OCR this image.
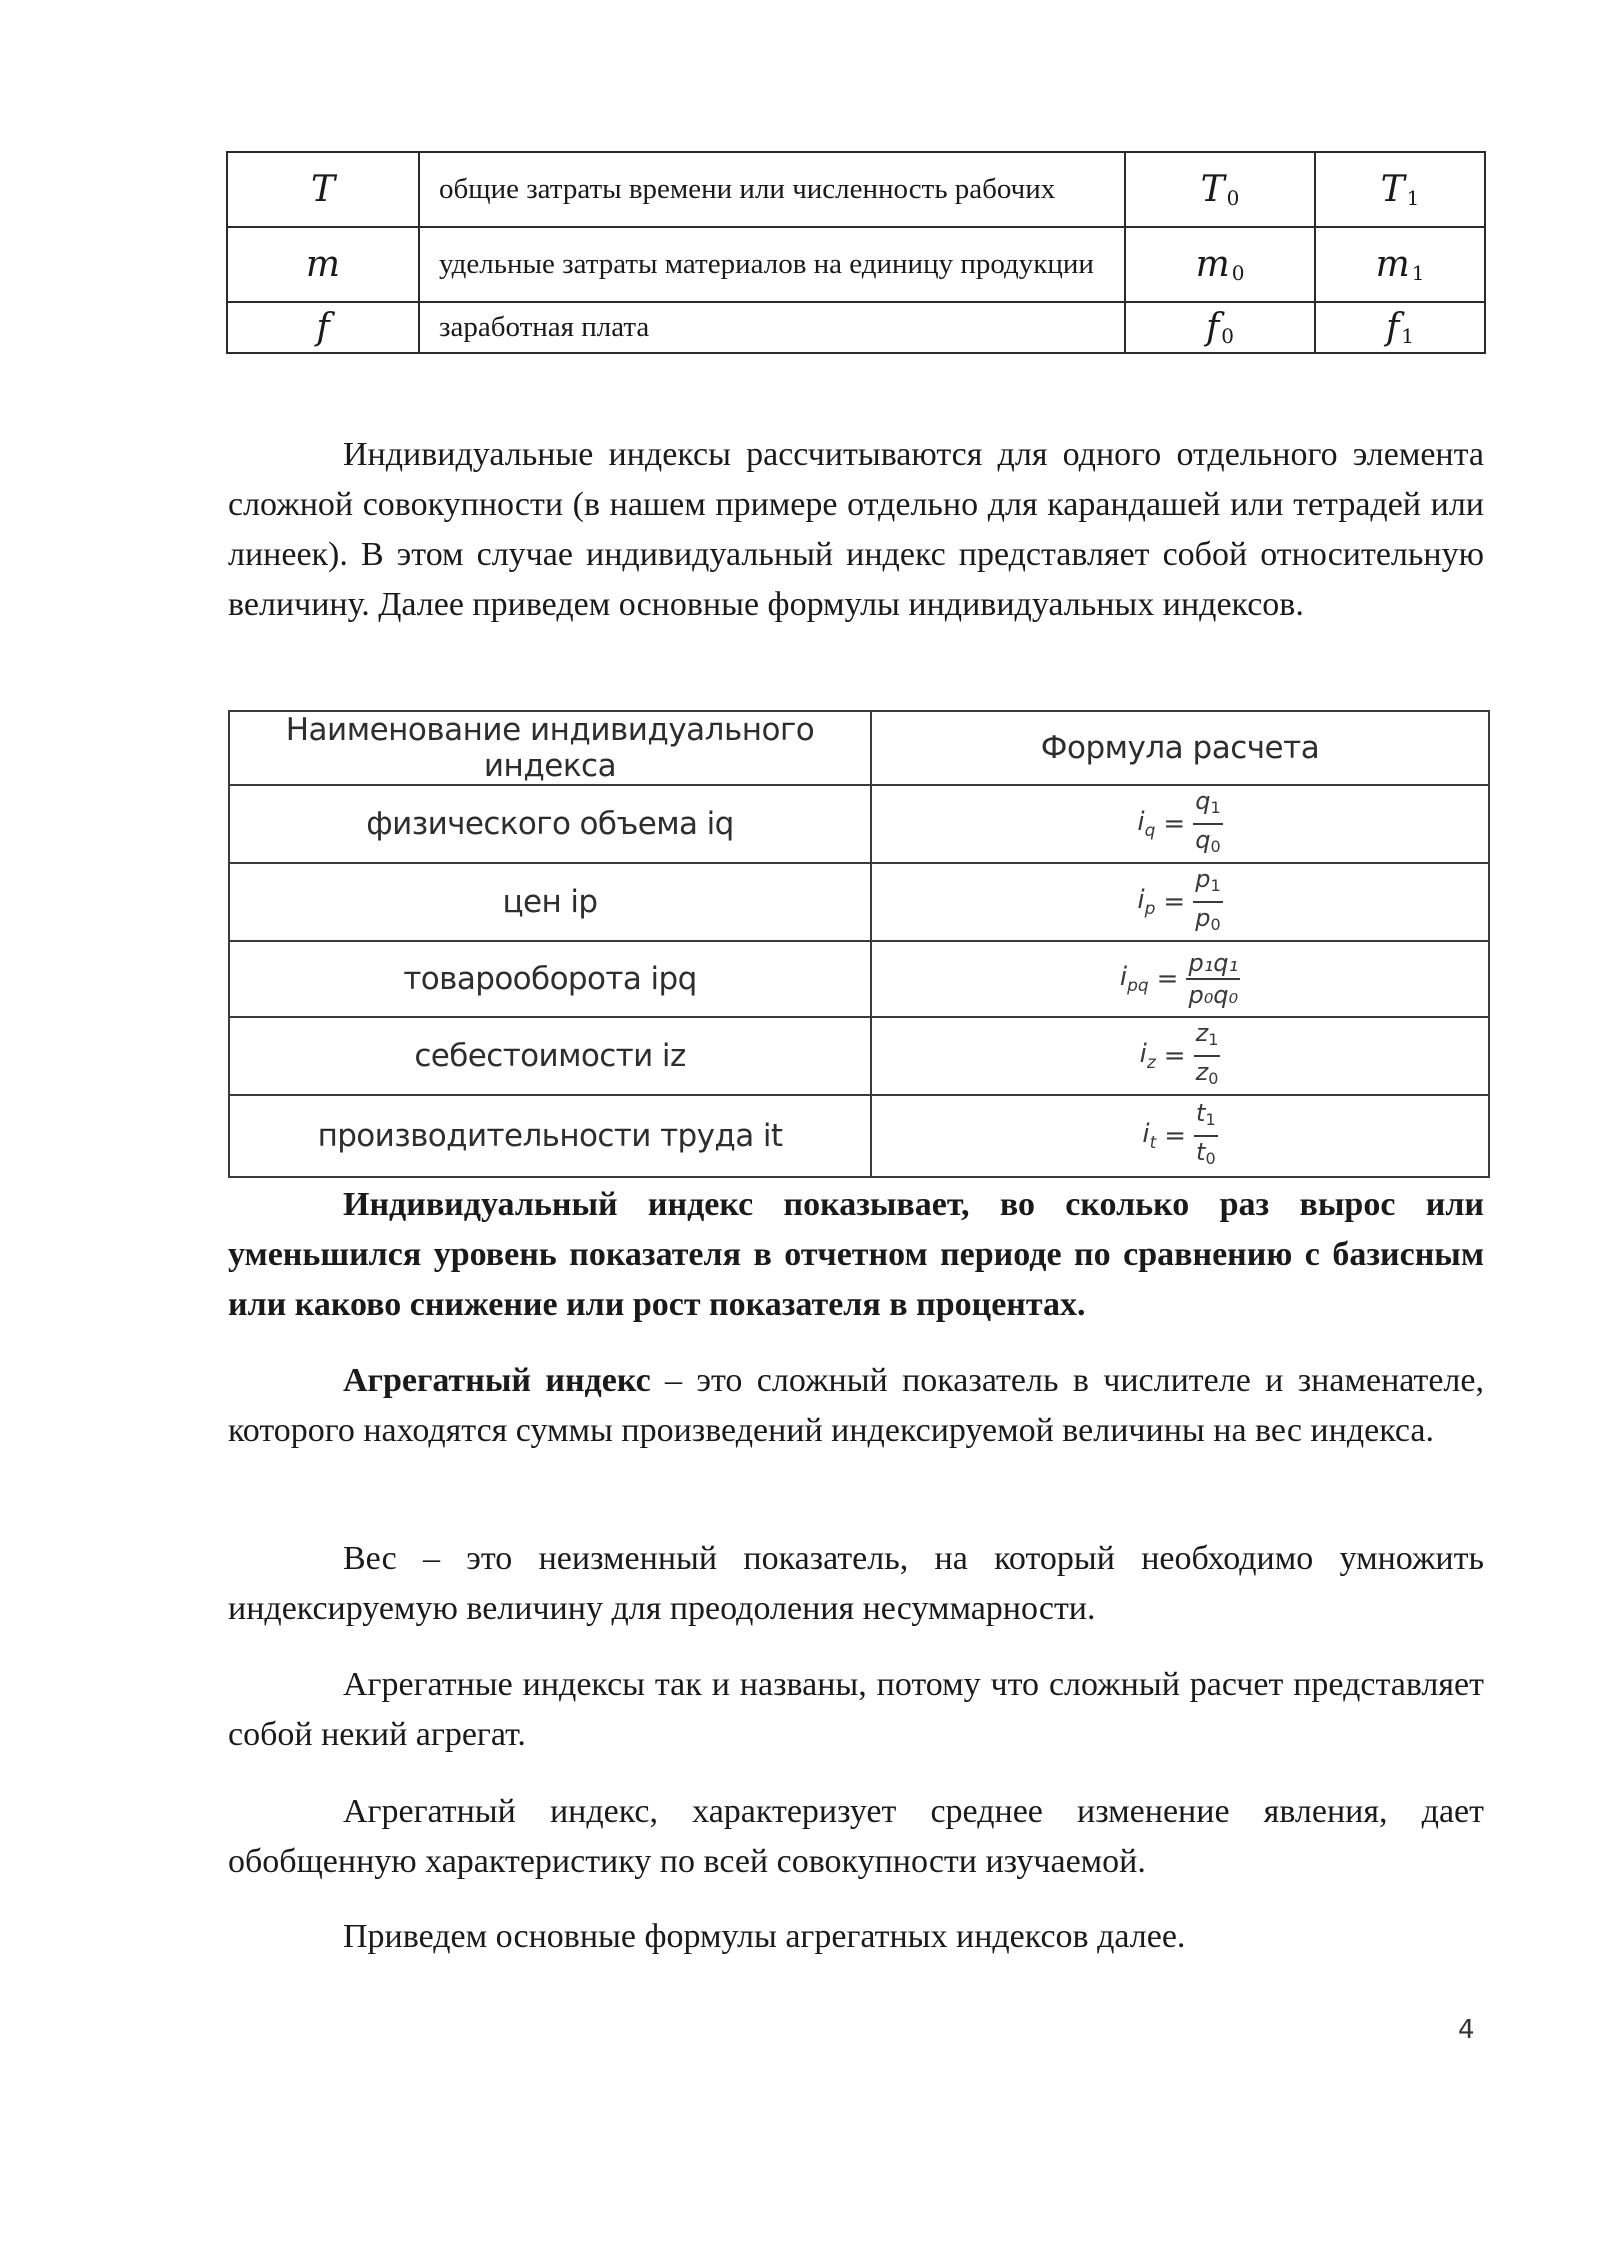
T	общие затраты времени или численность рабочих	T $_0$	T $_1$
m	удельные затраты материалов на единицу продукции	m $_0$	m $_1$
f	заработная плата	f $_0$	f $_1$

Индивидуальные индексы рассчитываются для одного отдельного элемента сложной совокупности (в нашем примере отдельно для карандашей или тетрадей или линеек). В этом случае индивидуальный индекс представляет собой относительную величину. Далее приведем основные формулы индивидуальных индексов.

Наименование индивидуального индекса	Формула расчета
физического объема iq	$i_q = \frac{q_1}{q_0}$

цен ip	$i_p = \frac{p_1}{p_0}$

товарооборота ipq	$i_{pq} = \frac{\text{p₁q₁}}{\text{p₀q₀}}$

себестоимости iz	$i_z = \frac{z_1}{z_0}$

производительности труда it	$i_t = \frac{t_1}{t_0}$

Индивидуальный индекс показывает, во сколько раз вырос или уменьшился уровень показателя в отчетном периоде по сравнению с базисным или каково снижение или рост показателя в процентах.

Агрегатный индекс – это сложный показатель в числителе и знаменателе, которого находятся суммы произведений индексируемой величины на вес индекса.

Вес – это неизменный показатель, на который необходимо умножить индексируемую величину для преодоления несуммарности.

Агрегатные индексы так и названы, потому что сложный расчет представляет собой некий агрегат.

Агрегатный индекс, характеризует среднее изменение явления, дает обобщенную характеристику по всей совокупности изучаемой.

Приведем основные формулы агрегатных индексов далее.

4
